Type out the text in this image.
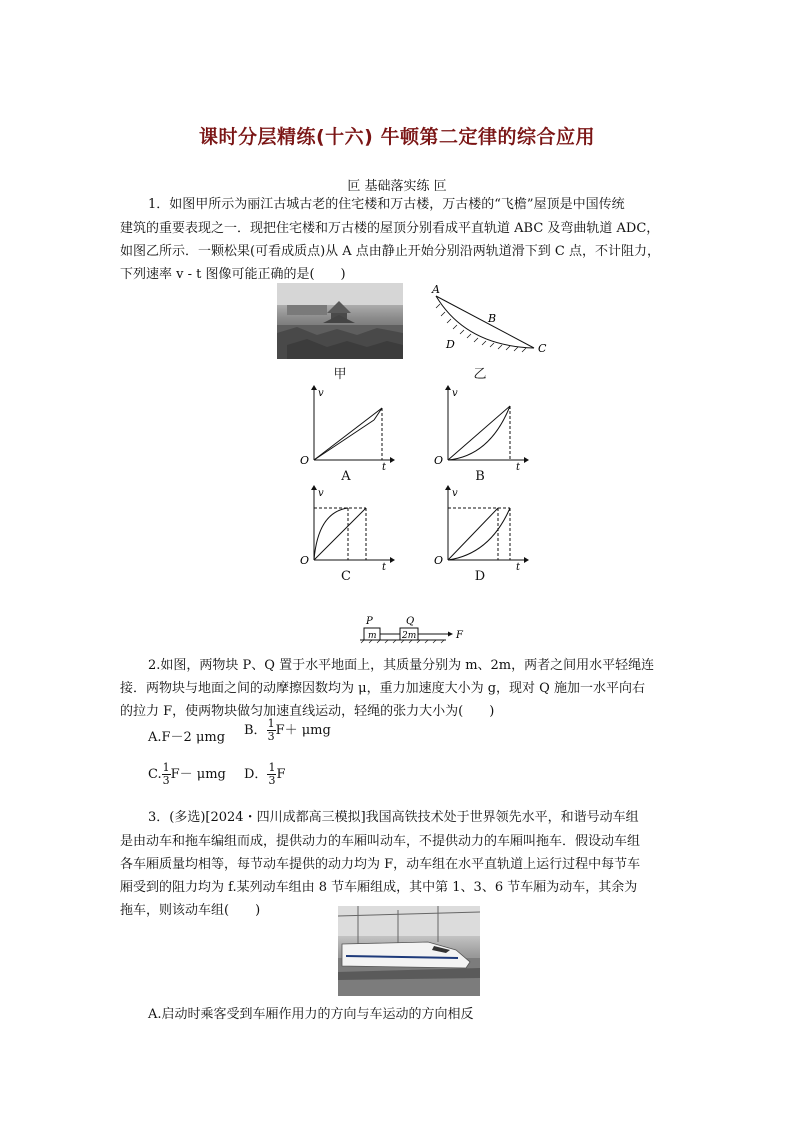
课时分层精练(十六) 牛顿第二定律的综合应用
叵 基础落实练 叵
1．如图甲所示为丽江古城古老的住宅楼和万古楼，万古楼的“飞檐”屋顶是中国传统
建筑的重要表现之一．现把住宅楼和万古楼的屋顶分别看成平直轨道 ABC 及弯曲轨道 ADC，
如图乙所示．一颗松果(可看成质点)从 A 点由静止开始分别沿两轨道滑下到 C 点，不计阻力，
下列速率 v - t 图像可能正确的是(　　)
甲
A
B
C
D
乙
v
O
t
A
v
O
t
B
v
O
t
C
v
O
t
D
P	Q
m	2m	F
2.如图，两物块 P、Q 置于水平地面上，其质量分别为 m、2m，两者之间用水平轻绳连
接．两物块与地面之间的动摩擦因数均为 μ，重力加速度大小为 g，现对 Q 施加一水平向右
的拉力 F，使两物块做匀加速直线运动，轻绳的张力大小为(　　)
A.F－2 μmg B． $\frac{1}{3} F+ \mu mg$
C. $\frac{1}{3} F- \mu mg$ D． $\frac{1}{3}$ F
3．(多选)[2024・四川成都高三模拟]我国高铁技术处于世界领先水平，和谐号动车组
是由动车和拖车编组而成，提供动力的车厢叫动车，不提供动力的车厢叫拖车．假设动车组
各车厢质量均相等，每节动车提供的动力均为 F，动车组在水平直轨道上运行过程中每节车
厢受到的阻力均为 f.某列动车组由 8 节车厢组成，其中第 1、3、6 节车厢为动车，其余为
拖车，则该动车组(　　)
A.启动时乘客受到车厢作用力的方向与车运动的方向相反
